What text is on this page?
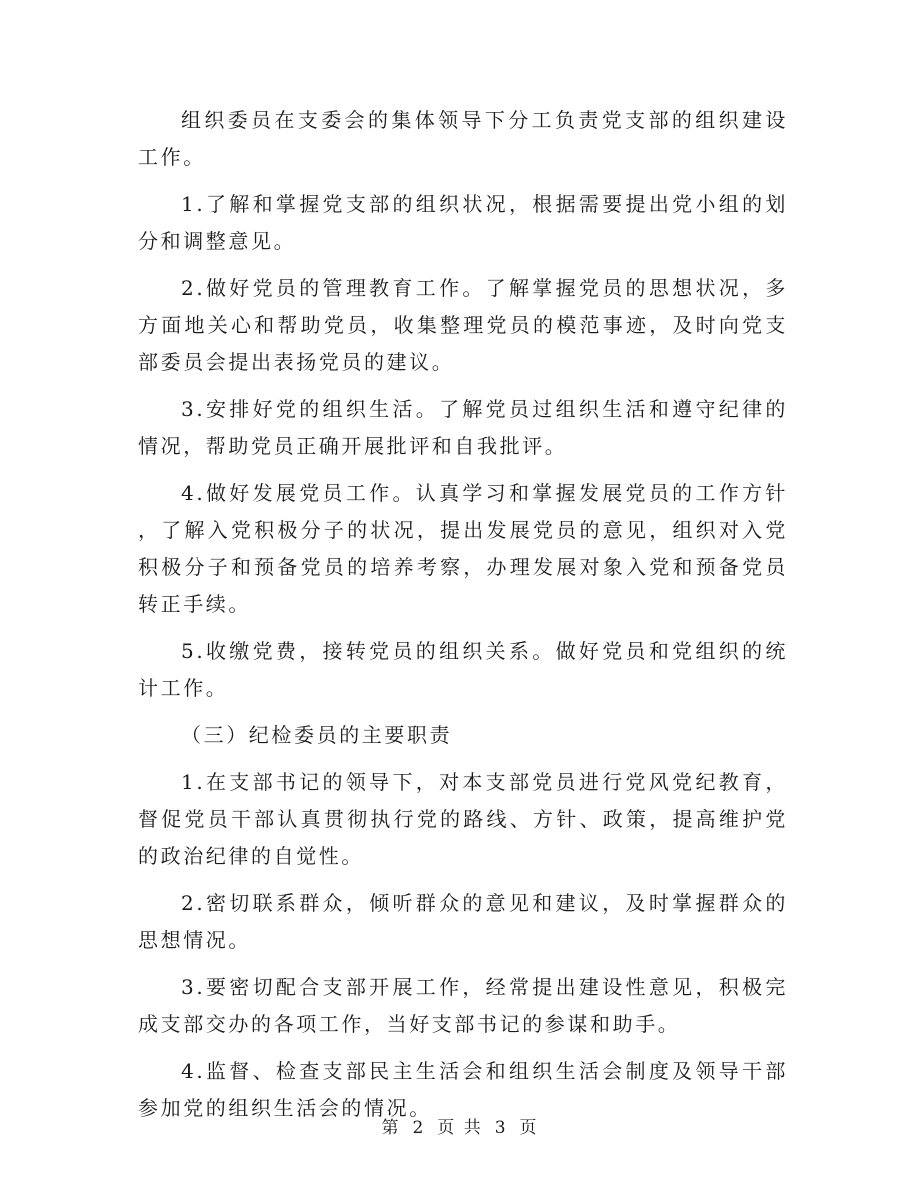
组织委员在支委会的集体领导下分工负责党支部的组织建设工作。

1.了解和掌握党支部的组织状况，根据需要提出党小组的划分和调整意见。

2.做好党员的管理教育工作。了解掌握党员的思想状况，多方面地关心和帮助党员，收集整理党员的模范事迹，及时向党支部委员会提出表扬党员的建议。

3.安排好党的组织生活。了解党员过组织生活和遵守纪律的情况，帮助党员正确开展批评和自我批评。

4.做好发展党员工作。认真学习和掌握发展党员的工作方针，了解入党积极分子的状况，提出发展党员的意见，组织对入党积极分子和预备党员的培养考察，办理发展对象入党和预备党员转正手续。

5.收缴党费，接转党员的组织关系。做好党员和党组织的统计工作。

（三）纪检委员的主要职责

1.在支部书记的领导下，对本支部党员进行党风党纪教育，督促党员干部认真贯彻执行党的路线、方针、政策，提高维护党的政治纪律的自觉性。

2.密切联系群众，倾听群众的意见和建议，及时掌握群众的思想情况。

3.要密切配合支部开展工作，经常提出建设性意见，积极完成支部交办的各项工作，当好支部书记的参谋和助手。

4.监督、检查支部民主生活会和组织生活会制度及领导干部参加党的组织生活会的情况。

第 2 页 共 3 页
